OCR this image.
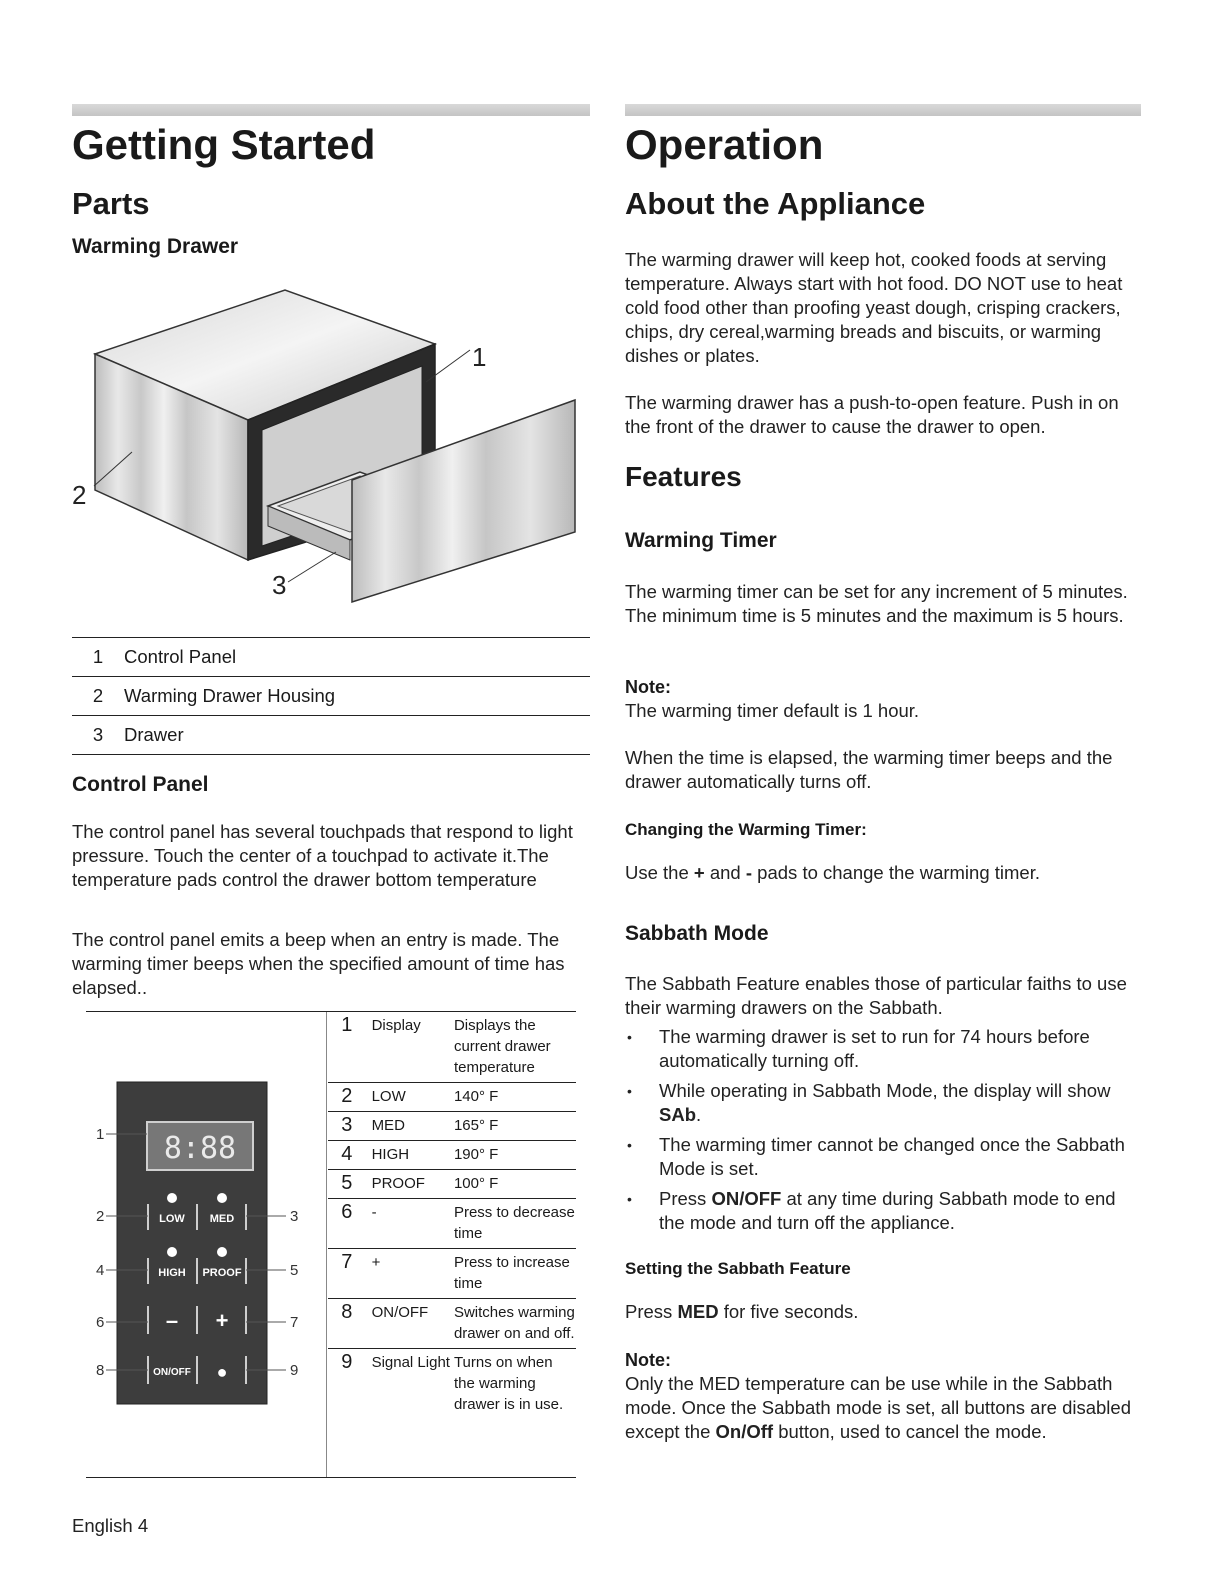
Getting Started
Parts
Warming Drawer
1
2
3
1	Control Panel
2	Warming Drawer Housing
3	Drawer
Control Panel

The control panel has several touchpads that respond to light pressure. Touch the center of a touchpad to activate it.The temperature pads control the drawer bottom temperature

The control panel emits a beep when an entry is made. The warming timer beeps when the specified amount of time has elapsed..

8:88
LOW MED
HIGH PROOF
– +
ON/OFF ●
1
2	3
4	5
6	7
8	9
1	Display	Displays the current drawer temperature
2	LOW	140° F
3	MED	165° F
4	HIGH	190° F
5	PROOF	100° F
6	-	Press to decrease time
7	+	Press to increase time
8	ON/OFF	Switches warming drawer on and off.
9	Signal Light	Turns on when the warming drawer is in use.
English 4
Operation
About the Appliance

The warming drawer will keep hot, cooked foods at serving temperature. Always start with hot food. DO NOT use to heat cold food other than proofing yeast dough, crisping crackers, chips, dry cereal,warming breads and biscuits, or warming dishes or plates.

The warming drawer has a push-to-open feature. Push in on the front of the drawer to cause the drawer to open.

Features
Warming Timer

The warming timer can be set for any increment of 5 minutes. The minimum time is 5 minutes and the maximum is 5 hours.

Note:

The warming timer default is 1 hour.

When the time is elapsed, the warming timer beeps and the drawer automatically turns off.

Changing the Warming Timer:

Use the + and - pads to change the warming timer.

Sabbath Mode

The Sabbath Feature enables those of particular faiths to use their warming drawers on the Sabbath.

• The warming drawer is set to run for 74 hours before automatically turning off.
• While operating in Sabbath Mode, the display will show SAb.
• The warming timer cannot be changed once the Sabbath Mode is set.
• Press ON/OFF at any time during Sabbath mode to end the mode and turn off the appliance.
Setting the Sabbath Feature

Press MED for five seconds.

Note:

Only the MED temperature can be use while in the Sabbath mode. Once the Sabbath mode is set, all buttons are disabled except the On/Off button, used to cancel the mode.
